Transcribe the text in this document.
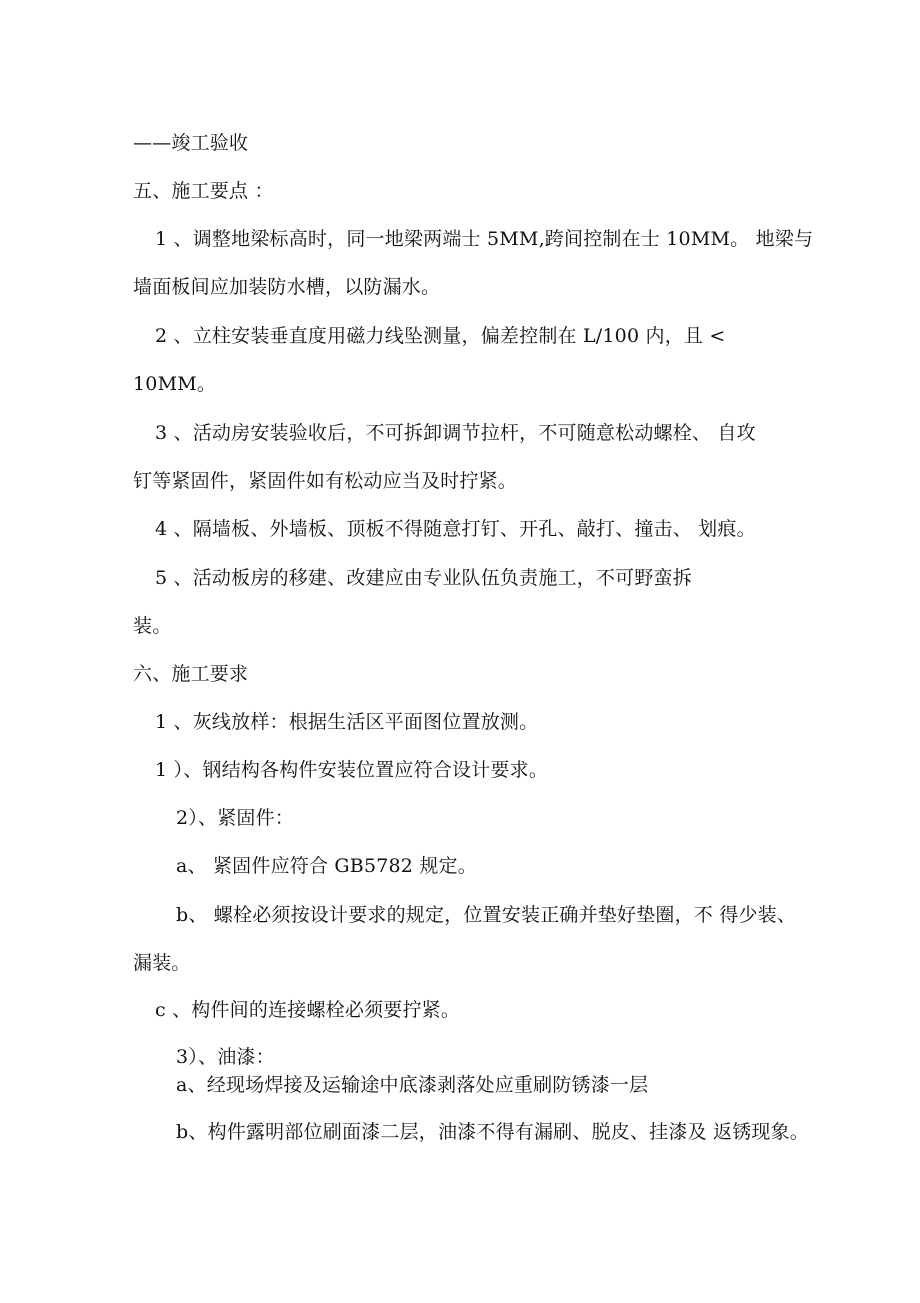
——竣工验收
五、施工要点 ：
1 、调整地梁标高时，同一地梁两端士 5MM,跨间控制在士 10MM。 地梁与
墙面板间应加装防水槽，以防漏水。
2 、立柱安装垂直度用磁力线坠测量，偏差控制在 L/100 内，且 <
10MM。
3 、活动房安装验收后，不可拆卸调节拉杆，不可随意松动螺栓、 自攻
钉等紧固件，紧固件如有松动应当及时拧紧。
4 、隔墙板、外墙板、顶板不得随意打钉、开孔、敲打、撞击、 划痕。
5 、活动板房的移建、改建应由专业队伍负责施工，不可野蛮拆
装。
六、施工要求
1 、灰线放样：根据生活区平面图位置放测。
1 ）、钢结构各构件安装位置应符合设计要求。
2）、紧固件：
a、 紧固件应符合 GB5782 规定。
b、 螺栓必须按设计要求的规定，位置安装正确并垫好垫圈，不 得少装、
漏装。
c 、构件间的连接螺栓必须要拧紧。
3）、油漆：
a、经现场焊接及运输途中底漆剥落处应重刷防锈漆一层
b、构件露明部位刷面漆二层，油漆不得有漏刷、脱皮、挂漆及 返锈现象。
